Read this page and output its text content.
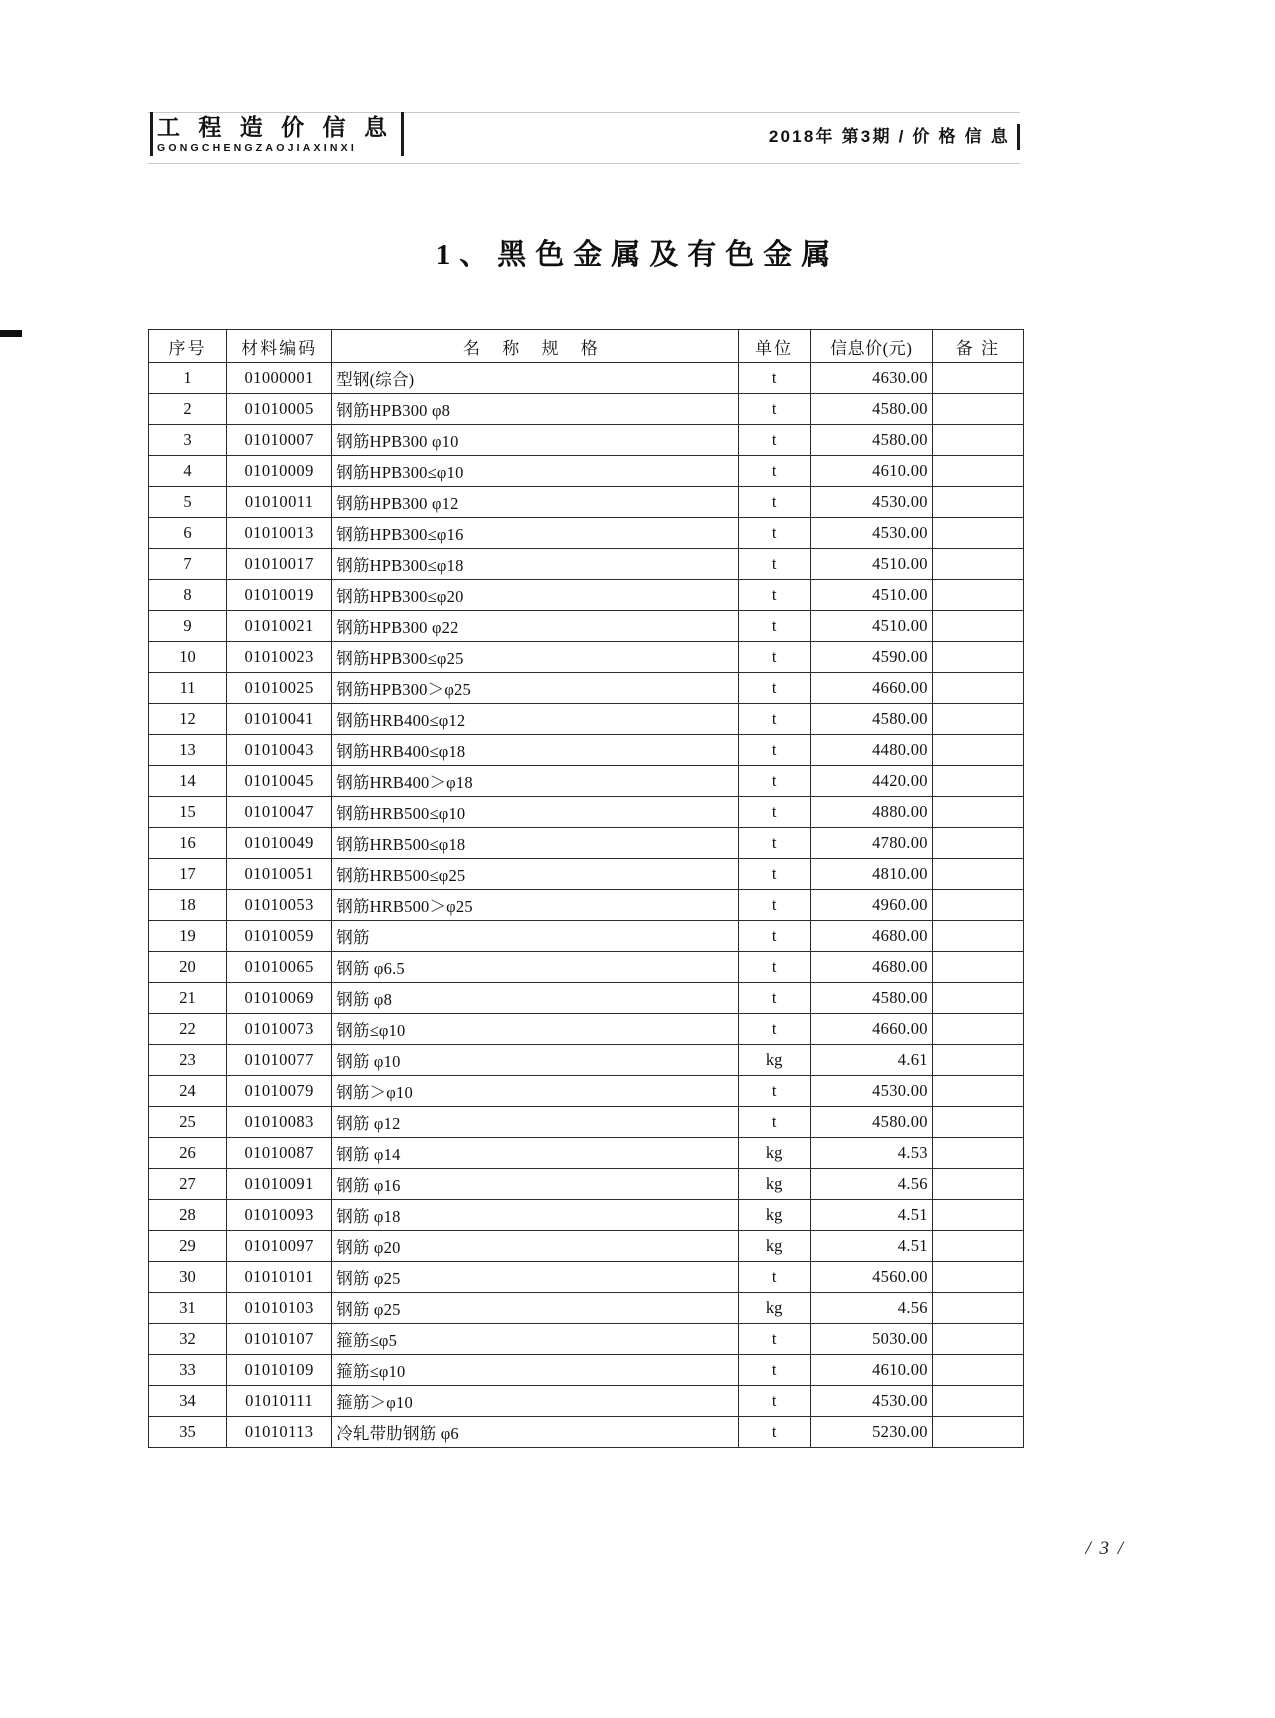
工 程 造 价 信 息
GONGCHENGZAOJIAXINXI
2018年 第3期 / 价 格 信 息
1、黑色金属及有色金属
序号	材料编码	名 称 规 格	单位	信息价(元)	备 注
1	01000001	型钢(综合)	t	4630.00	
2	01010005	钢筋HPB300 φ8	t	4580.00	
3	01010007	钢筋HPB300 φ10	t	4580.00	
4	01010009	钢筋HPB300≤φ10	t	4610.00	
5	01010011	钢筋HPB300 φ12	t	4530.00	
6	01010013	钢筋HPB300≤φ16	t	4530.00	
7	01010017	钢筋HPB300≤φ18	t	4510.00	
8	01010019	钢筋HPB300≤φ20	t	4510.00	
9	01010021	钢筋HPB300 φ22	t	4510.00	
10	01010023	钢筋HPB300≤φ25	t	4590.00	
11	01010025	钢筋HPB300＞φ25	t	4660.00	
12	01010041	钢筋HRB400≤φ12	t	4580.00	
13	01010043	钢筋HRB400≤φ18	t	4480.00	
14	01010045	钢筋HRB400＞φ18	t	4420.00	
15	01010047	钢筋HRB500≤φ10	t	4880.00	
16	01010049	钢筋HRB500≤φ18	t	4780.00	
17	01010051	钢筋HRB500≤φ25	t	4810.00	
18	01010053	钢筋HRB500＞φ25	t	4960.00	
19	01010059	钢筋	t	4680.00	
20	01010065	钢筋 φ6.5	t	4680.00	
21	01010069	钢筋 φ8	t	4580.00	
22	01010073	钢筋≤φ10	t	4660.00	
23	01010077	钢筋 φ10	kg	4.61	
24	01010079	钢筋＞φ10	t	4530.00	
25	01010083	钢筋 φ12	t	4580.00	
26	01010087	钢筋 φ14	kg	4.53	
27	01010091	钢筋 φ16	kg	4.56	
28	01010093	钢筋 φ18	kg	4.51	
29	01010097	钢筋 φ20	kg	4.51	
30	01010101	钢筋 φ25	t	4560.00	
31	01010103	钢筋 φ25	kg	4.56	
32	01010107	箍筋≤φ5	t	5030.00	
33	01010109	箍筋≤φ10	t	4610.00	
34	01010111	箍筋＞φ10	t	4530.00	
35	01010113	冷轧带肋钢筋 φ6	t	5230.00	
/ 3 /
